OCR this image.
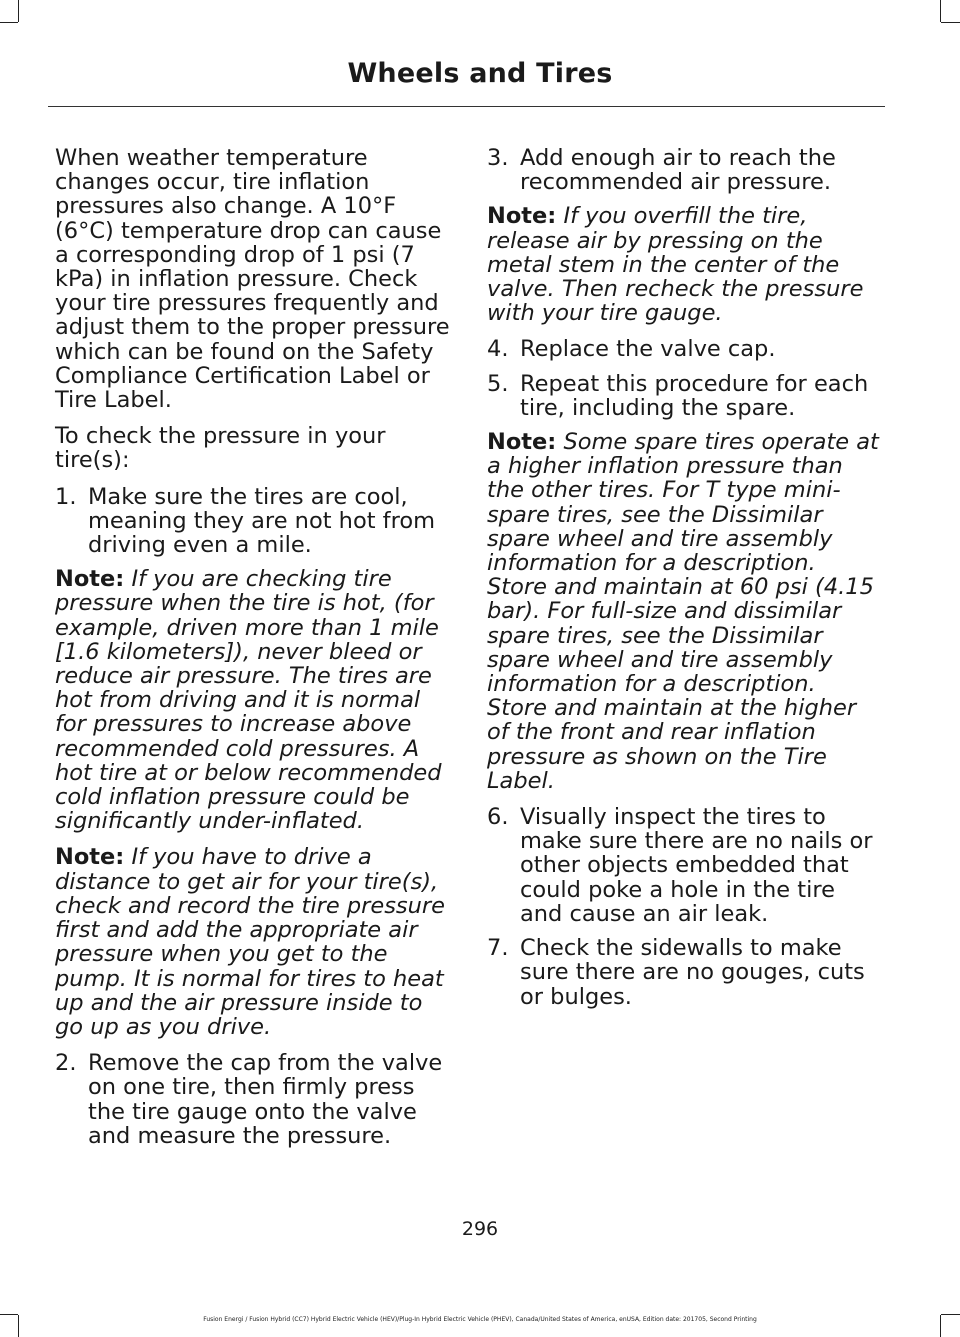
Wheels and Tires

When weather temperature changes occur, tire inflation pressures also change. A 10°F (6°C) temperature drop can cause a corresponding drop of 1 psi (7 kPa) in inflation pressure. Check your tire pressures frequently and adjust them to the proper pressure which can be found on the Safety Compliance Certification Label or Tire Label.

To check the pressure in your tire(s):

1. Make sure the tires are cool, meaning they are not hot from driving even a mile.

Note: If you are checking tire pressure when the tire is hot, (for example, driven more than 1 mile [1.6 kilometers]), never bleed or reduce air pressure. The tires are hot from driving and it is normal for pressures to increase above recommended cold pressures. A hot tire at or below recommended cold inflation pressure could be significantly under-inflated.

Note: If you have to drive a distance to get air for your tire(s), check and record the tire pressure first and add the appropriate air pressure when you get to the pump. It is normal for tires to heat up and the air pressure inside to go up as you drive.

2. Remove the cap from the valve on one tire, then firmly press the tire gauge onto the valve and measure the pressure.
3. Add enough air to reach the recommended air pressure.

Note: If you overfill the tire, release air by pressing on the metal stem in the center of the valve. Then recheck the pressure with your tire gauge.

4. Replace the valve cap.
5. Repeat this procedure for each tire, including the spare.

Note: Some spare tires operate at a higher inflation pressure than the other tires. For T type mini-spare tires, see the Dissimilar spare wheel and tire assembly information for a description. Store and maintain at 60 psi (4.15 bar). For full-size and dissimilar spare tires, see the Dissimilar spare wheel and tire assembly information for a description. Store and maintain at the higher of the front and rear inflation pressure as shown on the Tire Label.

6. Visually inspect the tires to make sure there are no nails or other objects embedded that could poke a hole in the tire and cause an air leak.
7. Check the sidewalls to make sure there are no gouges, cuts or bulges.
296
Fusion Energi / Fusion Hybrid (CC7) Hybrid Electric Vehicle (HEV)/Plug-In Hybrid Electric Vehicle (PHEV), Canada/United States of America, enUSA, Edition date: 201705, Second Printing
